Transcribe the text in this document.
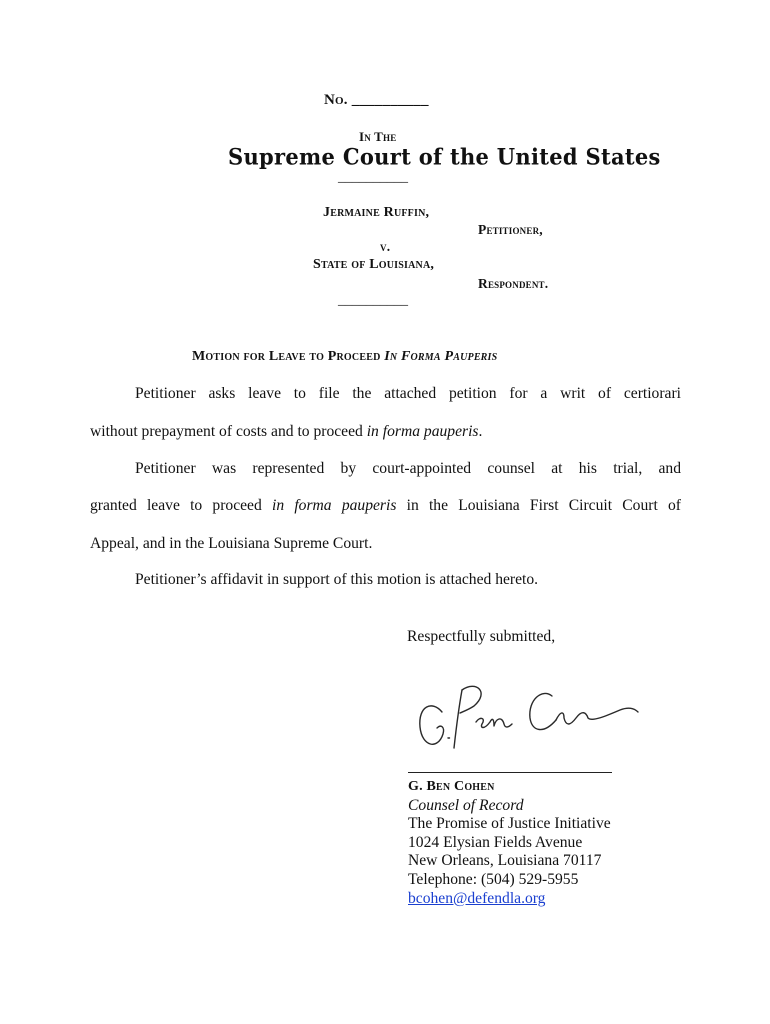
No. __________
In The
Supreme Court of the United States
__________
Jermaine Ruffin,
Petitioner,
v.
State of Louisiana,
Respondent.
__________
Motion for Leave to Proceed In Forma Pauperis
Petitioner asks leave to file the attached petition for a writ of certiorari
without prepayment of costs and to proceed in forma pauperis.
Petitioner was represented by court-appointed counsel at his trial, and
granted leave to proceed in forma pauperis in the Louisiana First Circuit Court of
Appeal, and in the Louisiana Supreme Court.
Petitioner’s affidavit in support of this motion is attached hereto.
Respectfully submitted,
G. Ben Cohen
Counsel of Record
The Promise of Justice Initiative
1024 Elysian Fields Avenue
New Orleans, Louisiana 70117
Telephone: (504) 529-5955
bcohen@defendla.org
